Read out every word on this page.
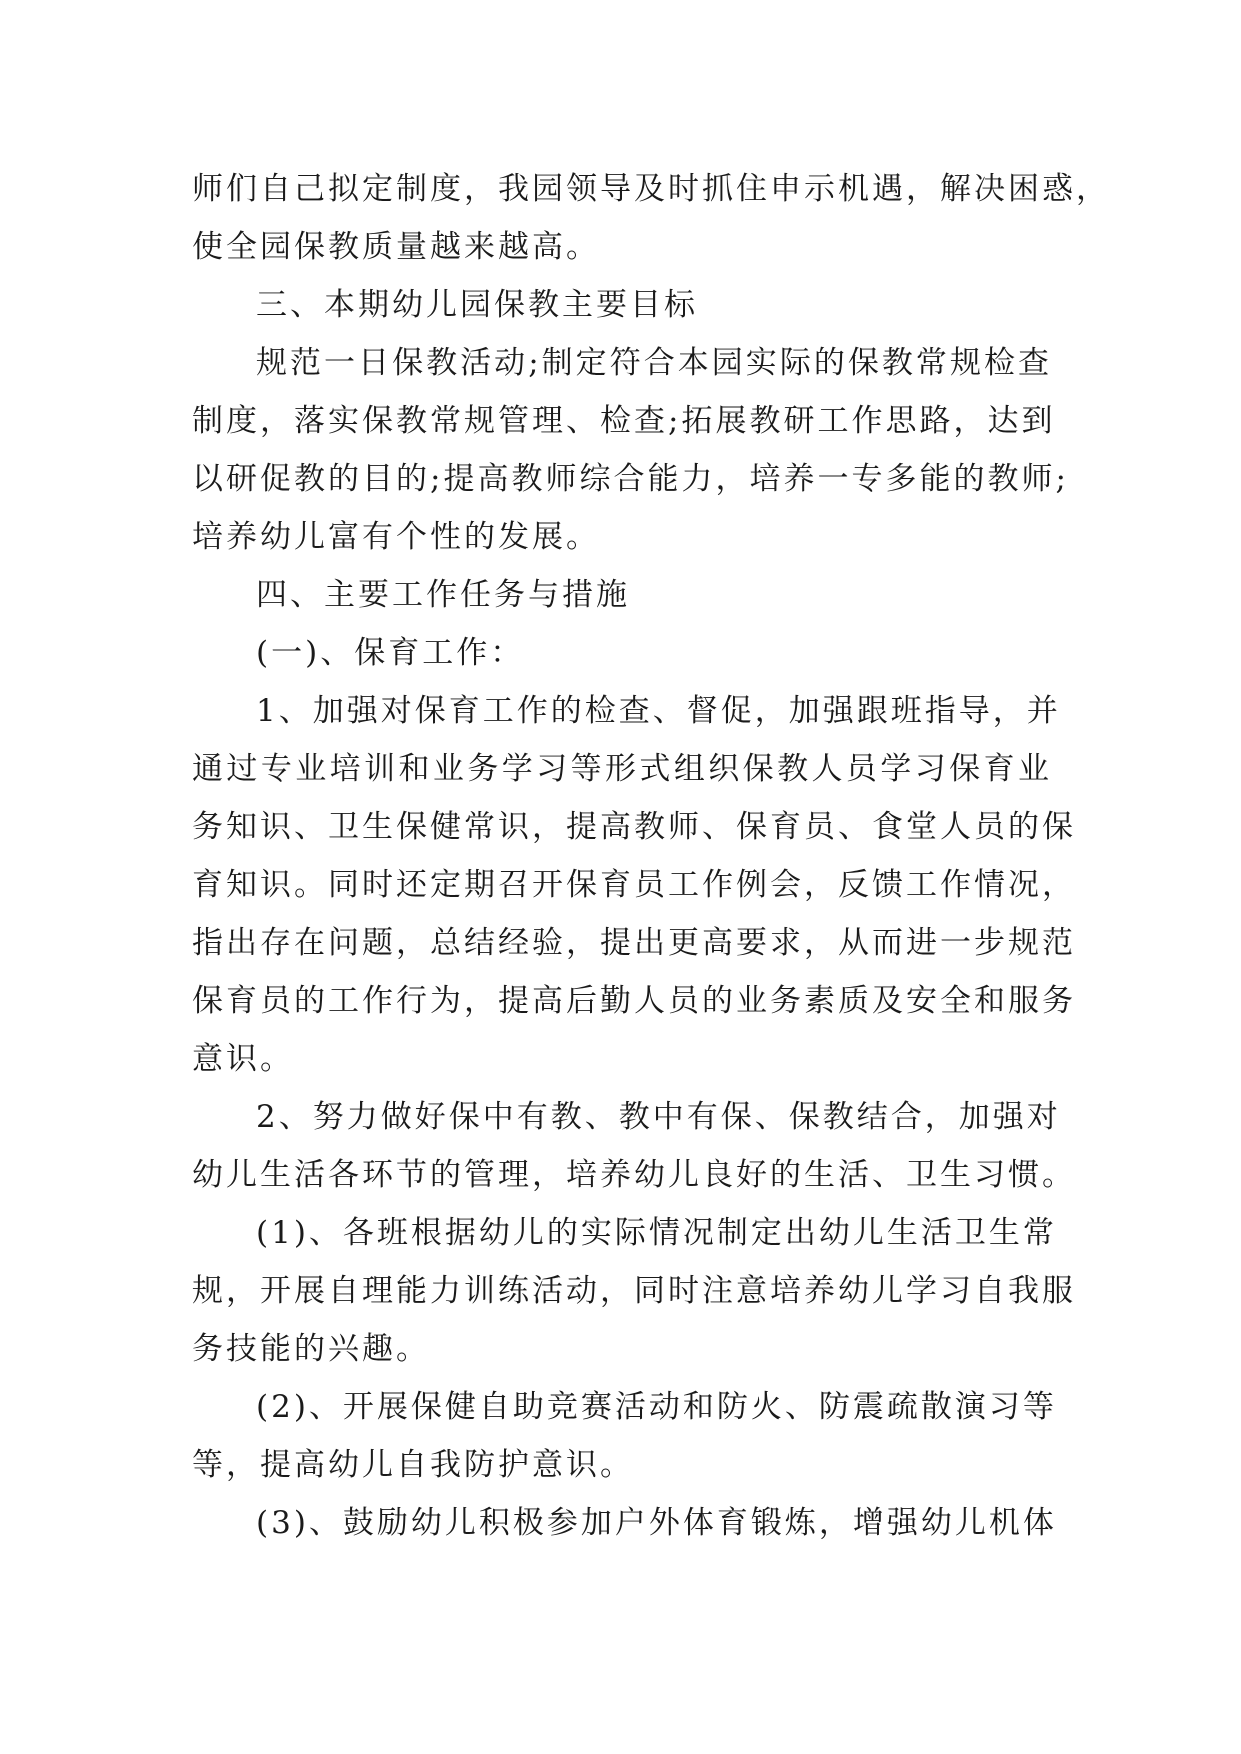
师们自己拟定制度，我园领导及时抓住申示机遇，解决困惑，
使全园保教质量越来越高。
三、本期幼儿园保教主要目标
规范一日保教活动;制定符合本园实际的保教常规检查
制度，落实保教常规管理、检查;拓展教研工作思路，达到
以研促教的目的;提高教师综合能力，培养一专多能的教师;
培养幼儿富有个性的发展。
四、主要工作任务与措施
(一)、保育工作：
1、加强对保育工作的检查、督促，加强跟班指导，并
通过专业培训和业务学习等形式组织保教人员学习保育业
务知识、卫生保健常识，提高教师、保育员、食堂人员的保
育知识。同时还定期召开保育员工作例会，反馈工作情况，
指出存在问题，总结经验，提出更高要求，从而进一步规范
保育员的工作行为，提高后勤人员的业务素质及安全和服务
意识。
2、努力做好保中有教、教中有保、保教结合，加强对
幼儿生活各环节的管理，培养幼儿良好的生活、卫生习惯。
(1)、各班根据幼儿的实际情况制定出幼儿生活卫生常
规，开展自理能力训练活动，同时注意培养幼儿学习自我服
务技能的兴趣。
(2)、开展保健自助竞赛活动和防火、防震疏散演习等
等，提高幼儿自我防护意识。
(3)、鼓励幼儿积极参加户外体育锻炼，增强幼儿机体
